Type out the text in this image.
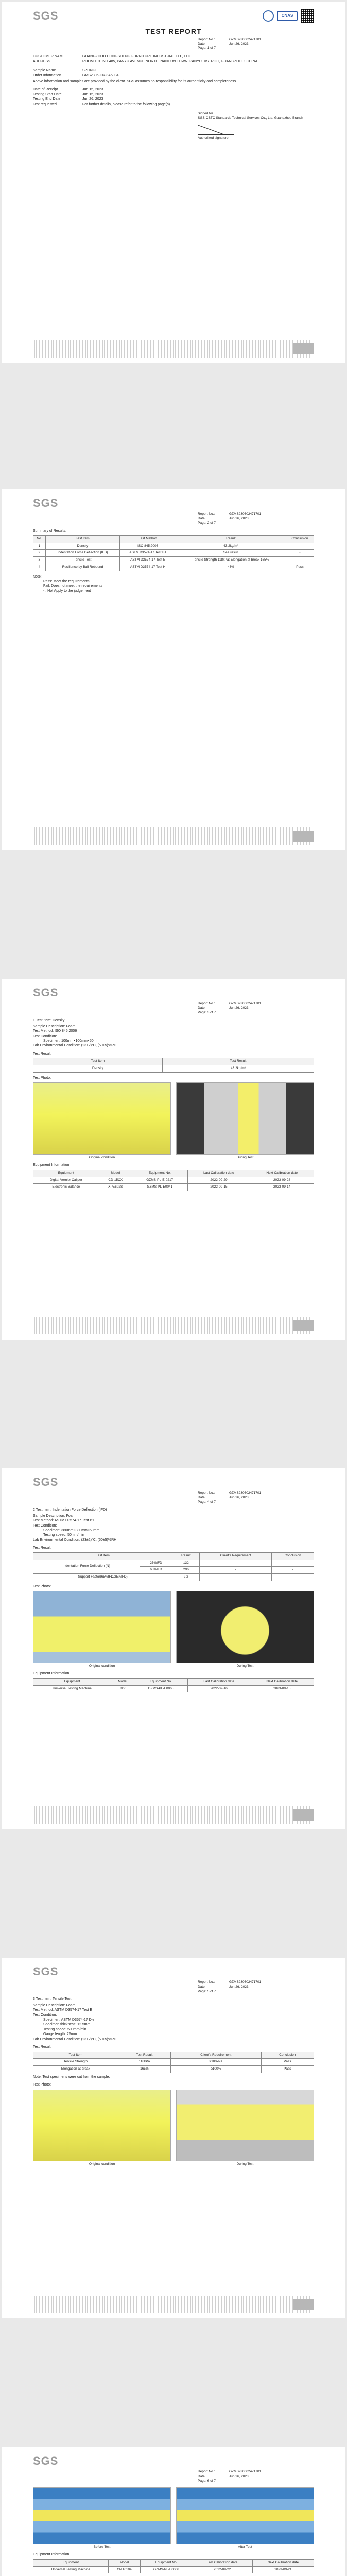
SGS	CNAS
TEST REPORT
Report No.:	GZMS230602471701
Date:	Jun 26, 2023
Page: 1 of 7
CUSTOMER NAME	GUANGZHOU DONGSHENG FURNITURE INDUSTRIAL CO., LTD
ADDRESS	ROOM 101, NO.485, PANYU AVENUE NORTH, NANCUN TOWN, PANYU DISTRICT, GUANGZHOU, CHINA
Sample Name	SPONGE
Order Information	GMS2306-CN-3A5984
Above information and samples are provided by the client. SGS assumes no responsibility for its authenticity and completeness.
Date of Receipt	Jun 15, 2023
Testing Start Date	Jun 15, 2023
Testing End Date	Jun 26, 2023
Test requested	For further details, please refer to the following page(s)
Signed for
SGS-CSTC Standards Technical Services Co., Ltd. Guangzhou Branch
Authorized signature
SGS
Report No.:	GZMS230602471701
Date:	Jun 26, 2023
Page: 2 of 7
Summary of Results:
No.	Test Item	Test Method	Result	Conclusion
1	Density	ISO 845:2006	43.2kg/m³	-
2	Indentation Force Deflection (IFD)	ASTM D3574-17 Test B1	See result	-
3	Tensile Test	ASTM D3574-17 Test E	Tensile Strength 118kPa; Elongation at break 165%	-
4	Resilience by Ball Rebound	ASTM D3574-17 Test H	43%	Pass
Note:
Pass: Meet the requirements
Fail: Does not meet the requirements
- : Not Apply to the judgement
SGS
Report No.:	GZMS230602471701
Date:	Jun 26, 2023
Page: 3 of 7
1 Test Item: Density
Sample Description: Foam
Test Method: ISO 845:2006
Test Condition:
Specimen: 100mm×100mm×50mm
Lab Environmental Condition: (23±2)°C, (50±5)%RH
Test Result:
Test Item	Test Result
Density	43.2kg/m³
Test Photo:
Original condition	During Test
Equipment Information:
Equipment	Model	Equipment No.	Last Calibration date	Next Calibration date
Digital Vernier Caliper	CD-15CX	GZMS-PL-E-0217	2022-09-29	2023-09-28
Electronic Balance	XPE602S	GZMS-PL-E0041	2022-09-15	2023-09-14
SGS
Report No.:	GZMS230602471701
Date:	Jun 26, 2023
Page: 4 of 7
2 Test Item: Indentation Force Deflection (IFD)
Sample Description: Foam
Test Method: ASTM D3574-17 Test B1
Test Condition:
Specimen: 380mm×380mm×50mm
Testing speed: 50mm/min
Lab Environmental Condition: (23±2)°C, (50±5)%RH
Test Result:
Test Item		Result	Client's Requirement	Conclusion
Indentation Force Deflection (N)	25%IFD	132	-	-
	65%IFD	296	-	-
Support Factor(65%IFD/25%IFD)		2.2	-	-
Test Photo:
Original condition	During Test
Equipment Information:
Equipment	Model	Equipment No.	Last Calibration date	Next Calibration date
Universal Testing Machine	5966	GZMS-PL-E0065	2022-09-16	2023-09-15
SGS
Report No.:	GZMS230602471701
Date:	Jun 26, 2023
Page: 5 of 7
3 Test Item: Tensile Test
Sample Description: Foam
Test Method: ASTM D3574-17 Test E
Test Condition:
Specimen: ASTM D3574-17 Die
Specimen thickness: 12.5mm
Testing speed: 500mm/min
Gauge length: 25mm
Lab Environmental Condition: (23±2)°C, (50±5)%RH
Test Result:
Test Item	Test Result	Client's Requirement	Conclusion
Tensile Strength	118kPa	≥100kPa	Pass
Elongation at break	165%	≥100%	Pass
Note: Test specimens were cut from the sample.
Test Photo:
Original condition	During Test
SGS
Report No.:	GZMS230602471701
Date:	Jun 26, 2023
Page: 6 of 7
Before Test	After Test
Equipment Information:
Equipment	Model	Equipment No.	Last Calibration date	Next Calibration date
Universal Testing Machine	CMT6104	GZMS-PL-E0006	2022-09-22	2023-09-21
